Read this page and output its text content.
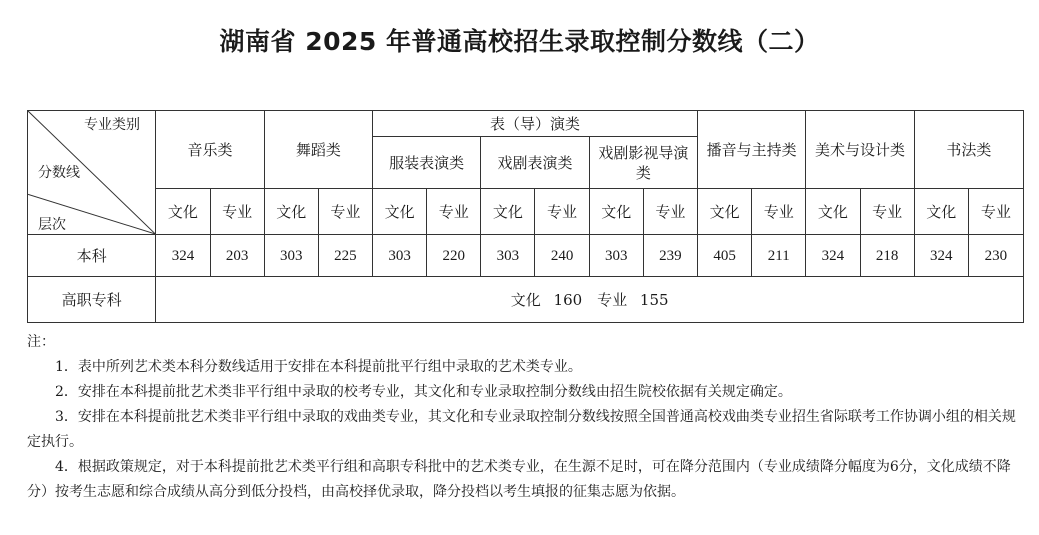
湖南省 2025 年普通高校招生录取控制分数线（二）
专业类别
分数线
层次	音乐类		舞蹈类		表（导）演类						播音与主持类		美术与设计类		书法类	
					服装表演类		戏剧表演类		戏剧影视导演类							

	文化	专业	文化	专业	文化	专业	文化	专业	文化	专业	文化	专业	文化	专业	文化	专业
本科	324	203	303	225	303	220	303	240	303	239	405	211	324	218	324	230
高职专科	文化 160　专业 155															

注：

1．表中所列艺术类本科分数线适用于安排在本科提前批平行组中录取的艺术类专业。

2．安排在本科提前批艺术类非平行组中录取的校考专业，其文化和专业录取控制分数线由招生院校依据有关规定确定。

3．安排在本科提前批艺术类非平行组中录取的戏曲类专业，其文化和专业录取控制分数线按照全国普通高校戏曲类专业招生省际联考工作协调小组的相关规定执行。

4．根据政策规定，对于本科提前批艺术类平行组和高职专科批中的艺术类专业，在生源不足时，可在降分范围内（专业成绩降分幅度为6分，文化成绩不降分）按考生志愿和综合成绩从高分到低分投档，由高校择优录取，降分投档以考生填报的征集志愿为依据。
